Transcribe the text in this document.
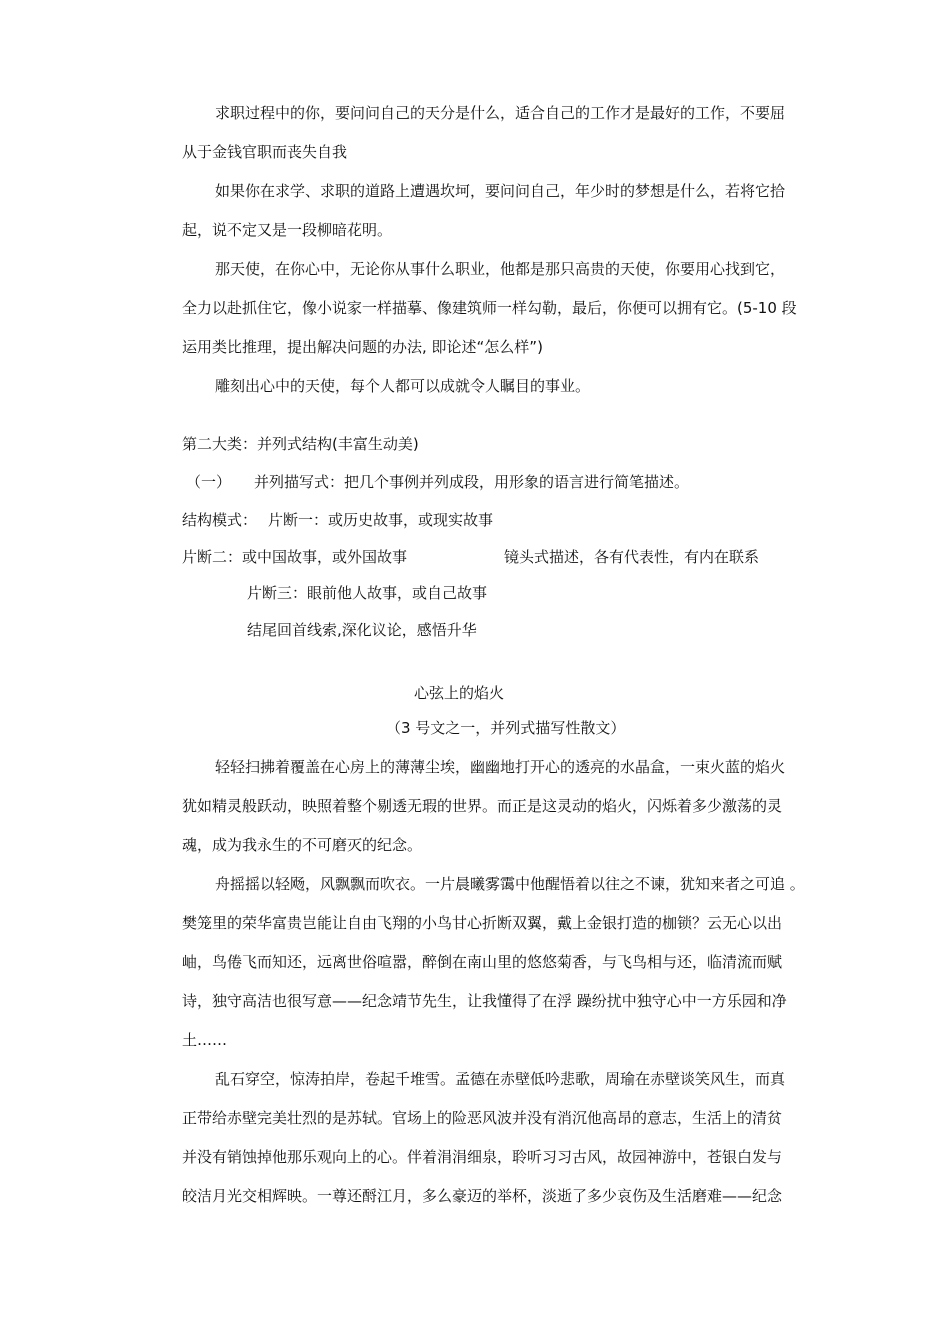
求职过程中的你，要问问自己的天分是什么，适合自己的工作才是最好的工作，不要屈
从于金钱官职而丧失自我
如果你在求学、求职的道路上遭遇坎坷，要问问自己，年少时的梦想是什么，若将它拾
起，说不定又是一段柳暗花明。
那天使，在你心中，无论你从事什么职业，他都是那只高贵的天使，你要用心找到它，
全力以赴抓住它，像小说家一样描摹、像建筑师一样勾勒，最后，你便可以拥有它。(5-10 段
运用类比推理，提出解决问题的办法, 即论述“怎么样”)
雕刻出心中的天使，每个人都可以成就令人瞩目的事业。
第二大类：并列式结构(丰富生动美)
（一） 并列描写式：把几个事例并列成段，用形象的语言进行简笔描述。
结构模式： 片断一：或历史故事，或现实故事
片断二：或中国故事，或外国故事	镜头式描述，各有代表性，有内在联系
片断三：眼前他人故事，或自己故事
结尾回首线索,深化议论，感悟升华
心弦上的焰火
（3 号文之一，并列式描写性散文）
轻轻扫拂着覆盖在心房上的薄薄尘埃，幽幽地打开心的透亮的水晶盒，一束火蓝的焰火
犹如精灵般跃动，映照着整个剔透无瑕的世界。而正是这灵动的焰火，闪烁着多少激荡的灵
魂，成为我永生的不可磨灭的纪念。
舟摇摇以轻飏，风飘飘而吹衣。一片晨曦雾霭中他醒悟着以往之不谏，犹知来者之可追 。
樊笼里的荣华富贵岂能让自由飞翔的小鸟甘心折断双翼，戴上金银打造的枷锁？云无心以出
岫，鸟倦飞而知还，远离世俗喧嚣，醉倒在南山里的悠悠菊香，与飞鸟相与还，临清流而赋
诗，独守高洁也很写意——纪念靖节先生，让我懂得了在浮 躁纷扰中独守心中一方乐园和净
土……
乱石穿空，惊涛拍岸，卷起千堆雪。孟德在赤壁低吟悲歌，周瑜在赤壁谈笑风生，而真
正带给赤壁完美壮烈的是苏轼。官场上的险恶风波并没有消沉他高昂的意志，生活上的清贫
并没有销蚀掉他那乐观向上的心。伴着涓涓细泉，聆听习习古风，故园神游中，苍银白发与
皎洁月光交相辉映。一尊还酹江月，多么豪迈的举杯，淡逝了多少哀伤及生活磨难——纪念
